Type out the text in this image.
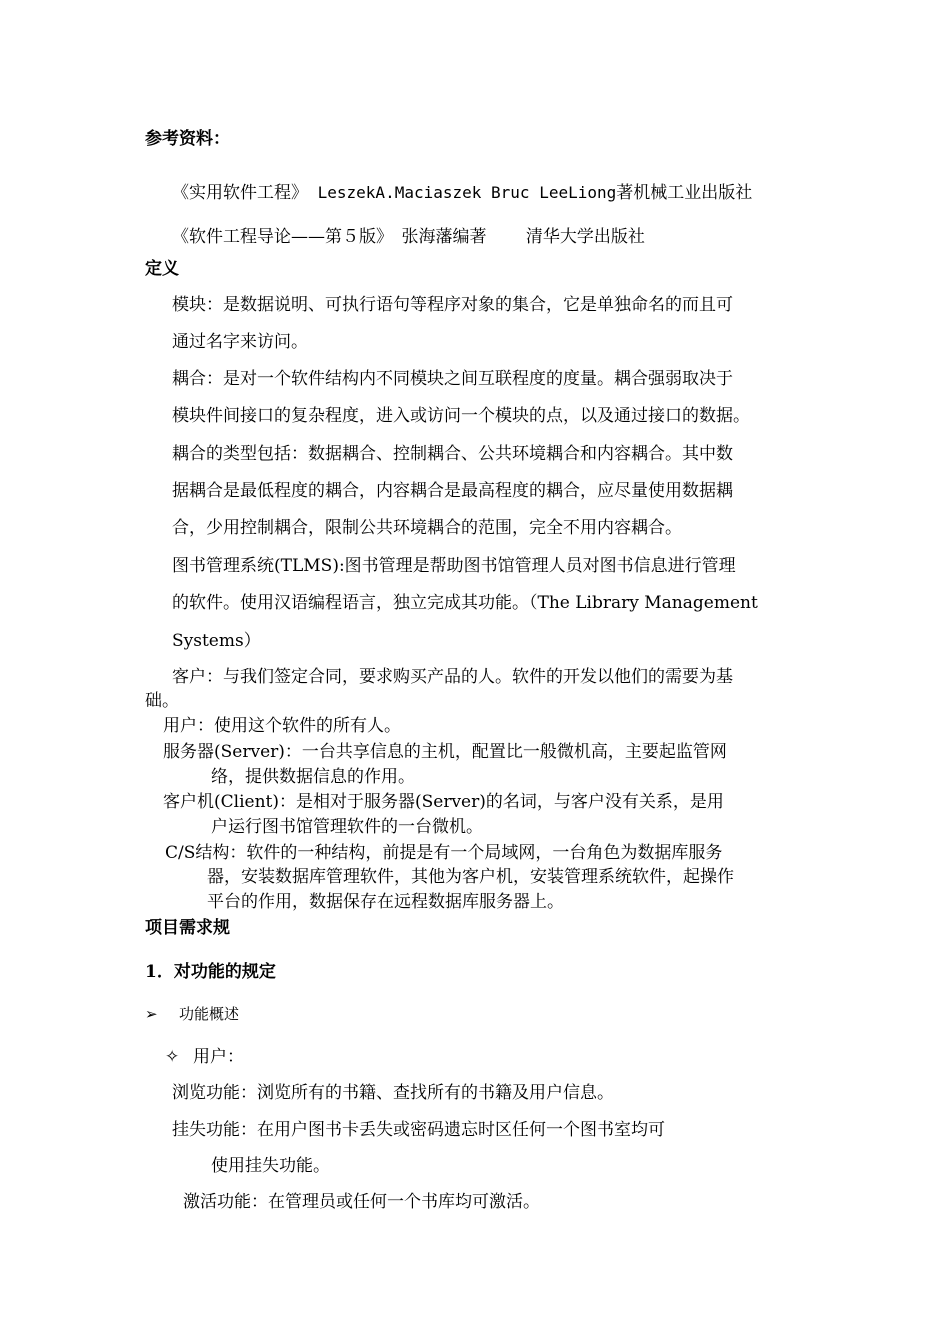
参考资料：
《实用软件工程》 LeszekA.Maciaszek Bruc LeeLiong著机械工业出版社
《软件工程导论——第５版》　张海藩编著　　 清华大学出版社
定义
模块：是数据说明、可执行语句等程序对象的集合，它是单独命名的而且可
通过名字来访问。
耦合：是对一个软件结构内不同模块之间互联程度的度量。耦合强弱取决于
模块件间接口的复杂程度，进入或访问一个模块的点，以及通过接口的数据。
耦合的类型包括：数据耦合、控制耦合、公共环境耦合和内容耦合。其中数
据耦合是最低程度的耦合，内容耦合是最高程度的耦合，应尽量使用数据耦
合，少用控制耦合，限制公共环境耦合的范围，完全不用内容耦合。
图书管理系统(TLMS):图书管理是帮助图书馆管理人员对图书信息进行管理
的软件。使用汉语编程语言，独立完成其功能。（The Library Management
Systems）
客户：与我们签定合同，要求购买产品的人。软件的开发以他们的需要为基
础。
用户：使用这个软件的所有人。
服务器(Server)：一台共享信息的主机，配置比一般微机高，主要起监管网
络，提供数据信息的作用。
客户机(Client)：是相对于服务器(Server)的名词，与客户没有关系，是用
户运行图书馆管理软件的一台微机。
C/S结构：软件的一种结构，前提是有一个局域网，一台角色为数据库服务
器，安装数据库管理软件，其他为客户机，安装管理系统软件，起操作
平台的作用，数据保存在远程数据库服务器上。
项目需求规
1．对功能的规定
➢ 功能概述
✧ 用户：
浏览功能：浏览所有的书籍、查找所有的书籍及用户信息。
挂失功能：在用户图书卡丢失或密码遗忘时区任何一个图书室均可
使用挂失功能。
激活功能：在管理员或任何一个书库均可激活。
